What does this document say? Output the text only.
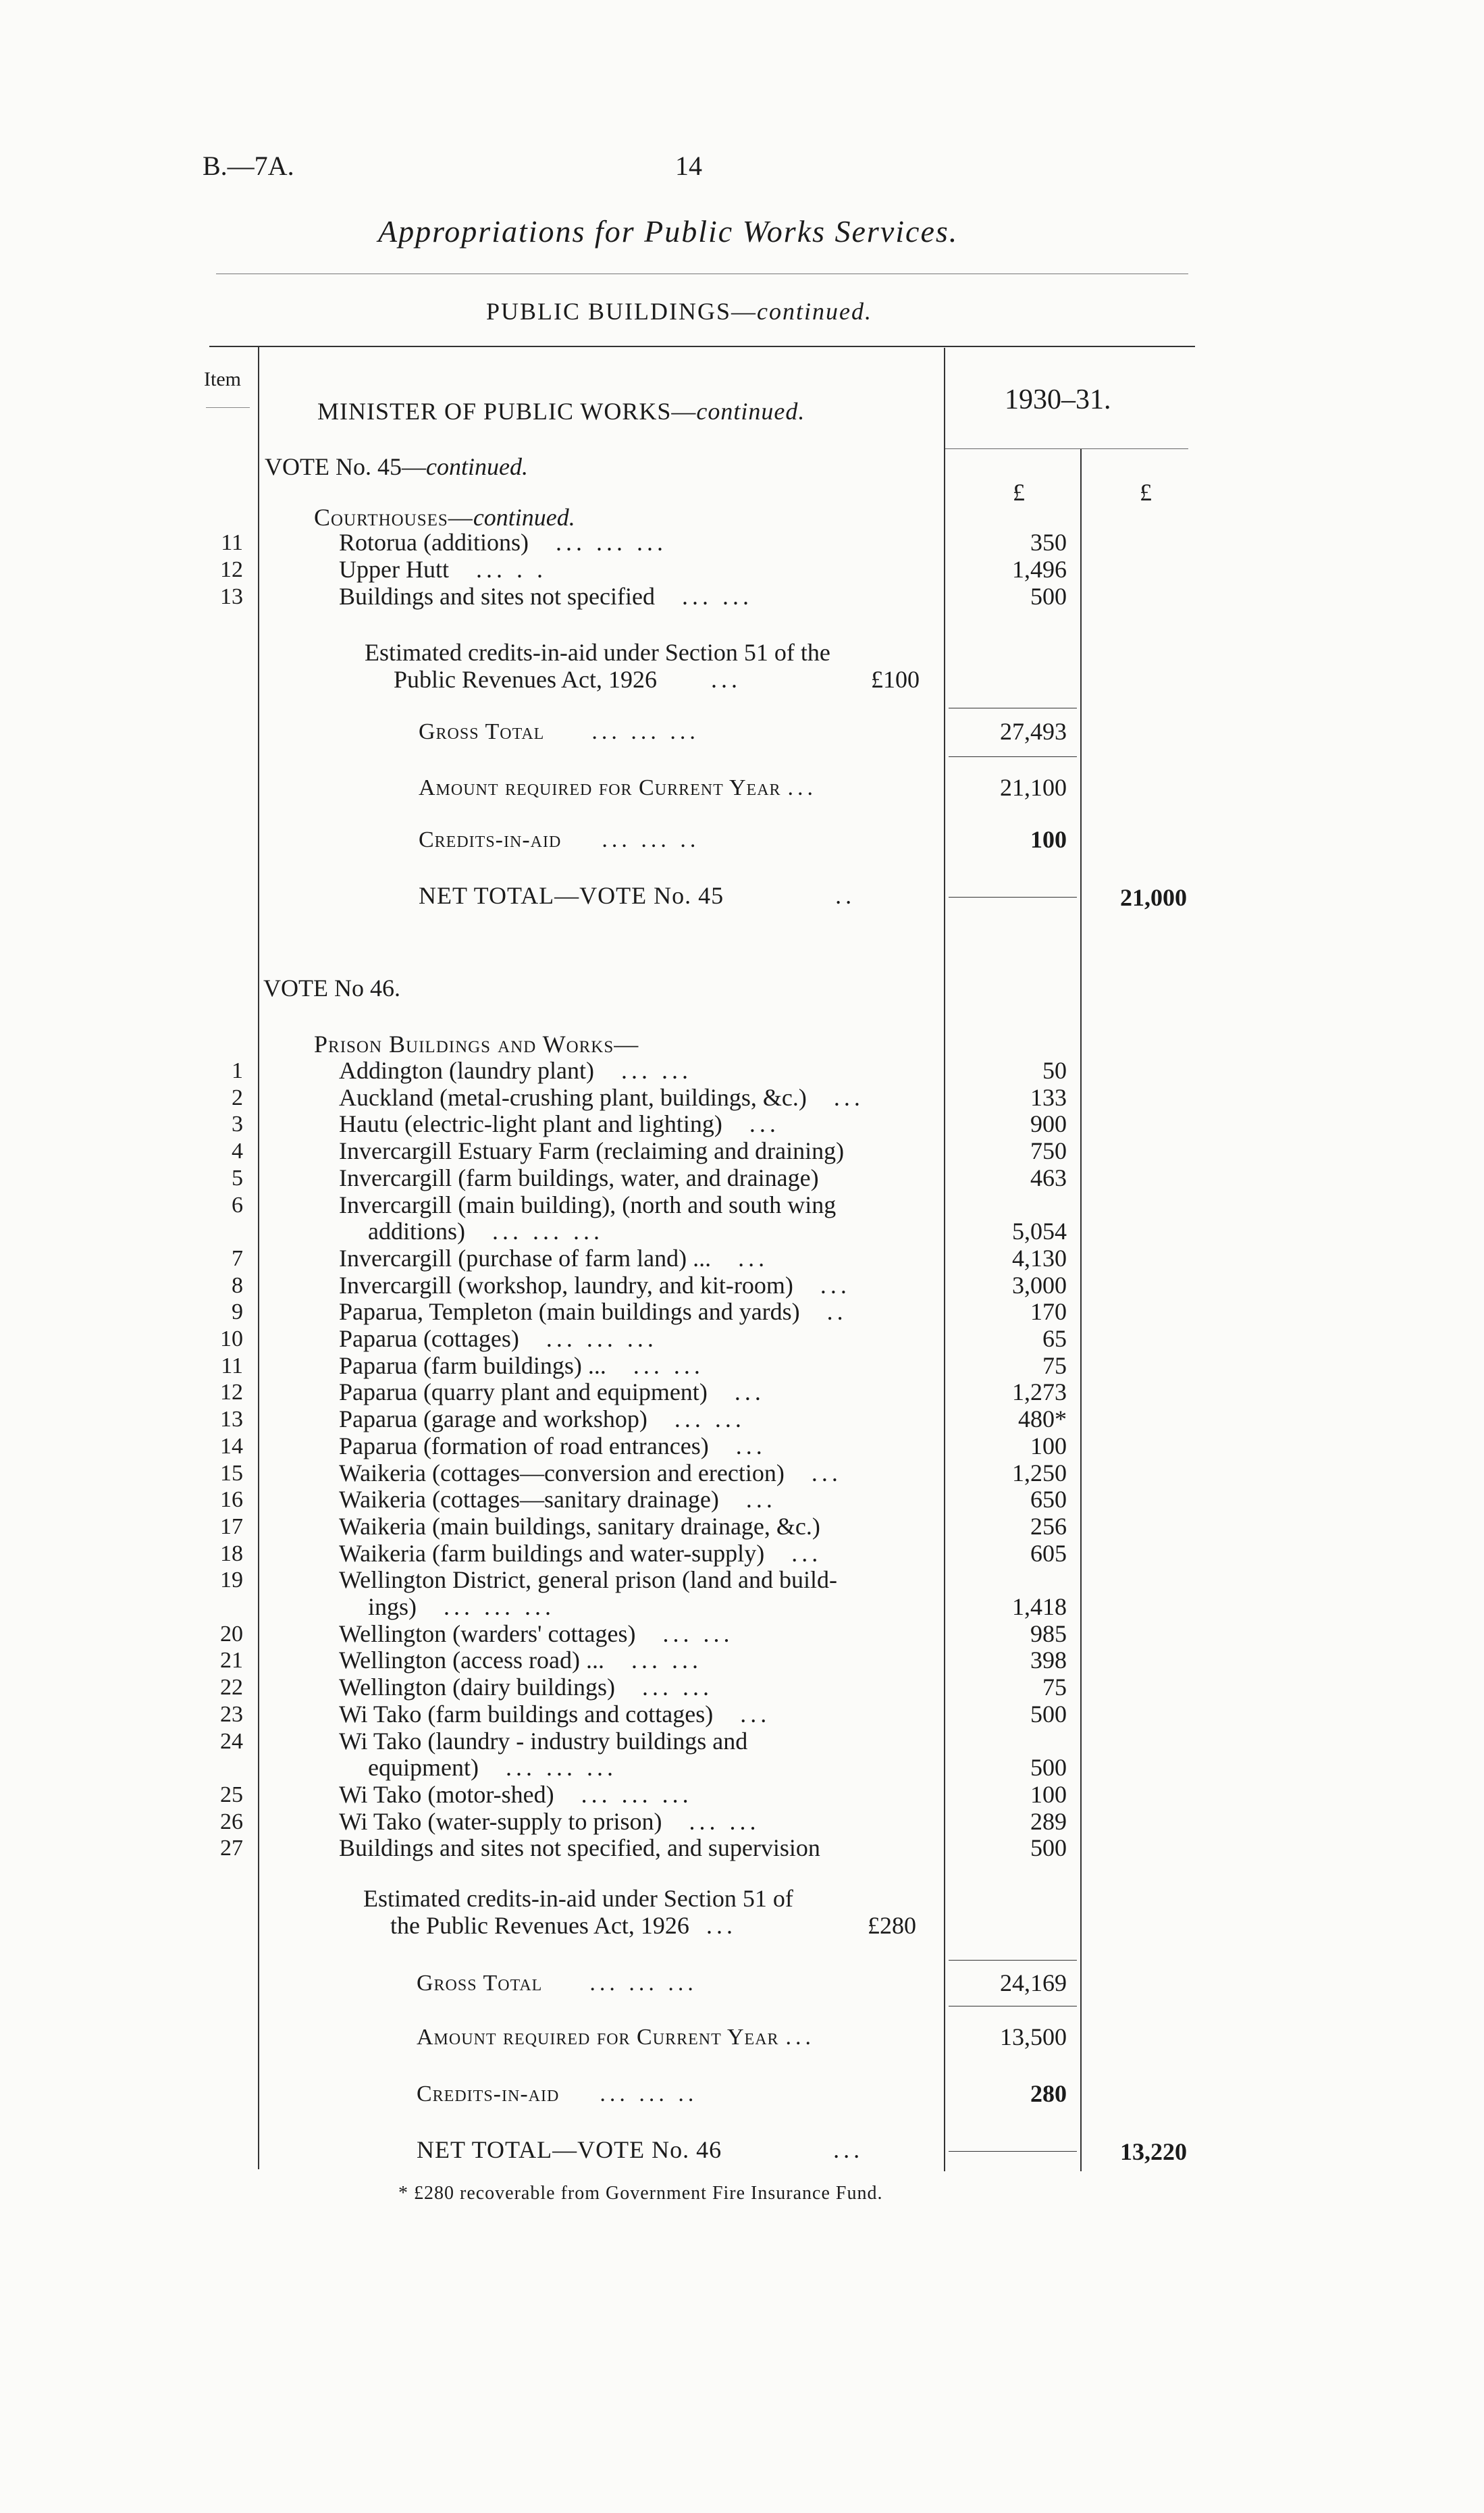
B.—7A.	14
Appropriations for Public Works Services.
PUBLIC BUILDINGS—continued.
Item
MINISTER OF PUBLIC WORKS—continued.	1930–31.
£	£
VOTE No. 45—continued.
Courthouses—continued.
11	Rotorua (additions) ... ... ...	350
12	Upper Hutt ... . .	1,496
13	Buildings and sites not specified ... ...	500
Estimated credits-in-aid under Section 51 of the
Public Revenues Act, 1926 ...	£100
Gross Total ... ... ...	27,493
Amount required for Current Year ...	21,100
Credits-in-aid ... ... ..	100
NET TOTAL—VOTE No. 45	..	21,000
VOTE No 46.
Prison Buildings and Works—
1	Addington (laundry plant) ... ...	50
2	Auckland (metal-crushing plant, buildings, &c.) ...	133
3	Hautu (electric-light plant and lighting) ...	900
4	Invercargill Estuary Farm (reclaiming and draining)	750
5	Invercargill (farm buildings, water, and drainage)	463
6	Invercargill (main building), (north and south wing
additions) ... ... ...	5,054
7	Invercargill (purchase of farm land) ... ...	4,130
8	Invercargill (workshop, laundry, and kit-room) ...	3,000
9	Paparua, Templeton (main buildings and yards) ..	170
10	Paparua (cottages) ... ... ...	65
11	Paparua (farm buildings) ... ... ...	75
12	Paparua (quarry plant and equipment) ...	1,273
13	Paparua (garage and workshop) ... ...	480*
14	Paparua (formation of road entrances) ...	100
15	Waikeria (cottages—conversion and erection) ...	1,250
16	Waikeria (cottages—sanitary drainage) ...	650
17	Waikeria (main buildings, sanitary drainage, &c.)	256
18	Waikeria (farm buildings and water-supply) ...	605
19	Wellington District, general prison (land and build-
ings) ... ... ...	1,418
20	Wellington (warders' cottages) ... ...	985
21	Wellington (access road) ... ... ...	398
22	Wellington (dairy buildings) ... ...	75
23	Wi Tako (farm buildings and cottages) ...	500
24	Wi Tako (laundry - industry buildings and
equipment) ... ... ...	500
25	Wi Tako (motor-shed) ... ... ...	100
26	Wi Tako (water-supply to prison) ... ...	289
27	Buildings and sites not specified, and supervision	500
Estimated credits-in-aid under Section 51 of
the Public Revenues Act, 1926 ...	£280
Gross Total ... ... ...	24,169
Amount required for Current Year ...	13,500
Credits-in-aid ... ... ..	280
NET TOTAL—VOTE No. 46	...	13,220
* £280 recoverable from Government Fire Insurance Fund.
